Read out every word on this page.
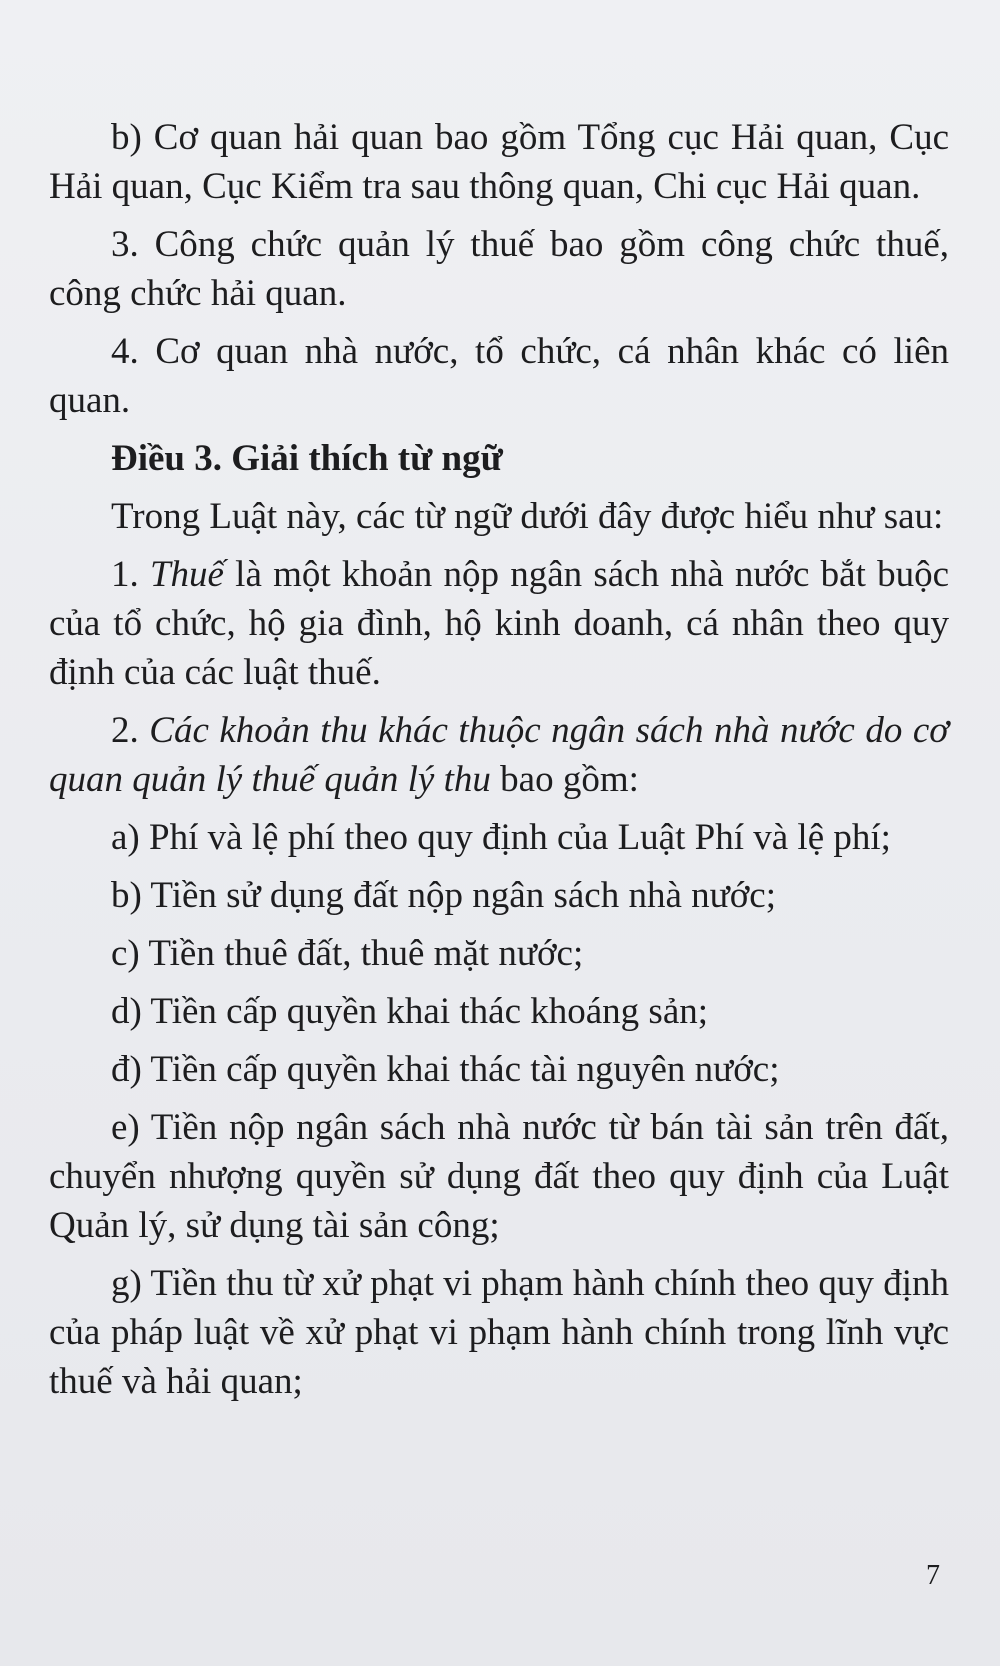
b) Cơ quan hải quan bao gồm Tổng cục Hải quan, Cục Hải quan, Cục Kiểm tra sau thông quan, Chi cục Hải quan.

3. Công chức quản lý thuế bao gồm công chức thuế, công chức hải quan.

4. Cơ quan nhà nước, tổ chức, cá nhân khác có liên quan.

Điều 3. Giải thích từ ngữ

Trong Luật này, các từ ngữ dưới đây được hiểu như sau:

1. Thuế là một khoản nộp ngân sách nhà nước bắt buộc của tổ chức, hộ gia đình, hộ kinh doanh, cá nhân theo quy định của các luật thuế.

2. Các khoản thu khác thuộc ngân sách nhà nước do cơ quan quản lý thuế quản lý thu bao gồm:

a) Phí và lệ phí theo quy định của Luật Phí và lệ phí;

b) Tiền sử dụng đất nộp ngân sách nhà nước;

c) Tiền thuê đất, thuê mặt nước;

d) Tiền cấp quyền khai thác khoáng sản;

đ) Tiền cấp quyền khai thác tài nguyên nước;

e) Tiền nộp ngân sách nhà nước từ bán tài sản trên đất, chuyển nhượng quyền sử dụng đất theo quy định của Luật Quản lý, sử dụng tài sản công;

g) Tiền thu từ xử phạt vi phạm hành chính theo quy định của pháp luật về xử phạt vi phạm hành chính trong lĩnh vực thuế và hải quan;

7
